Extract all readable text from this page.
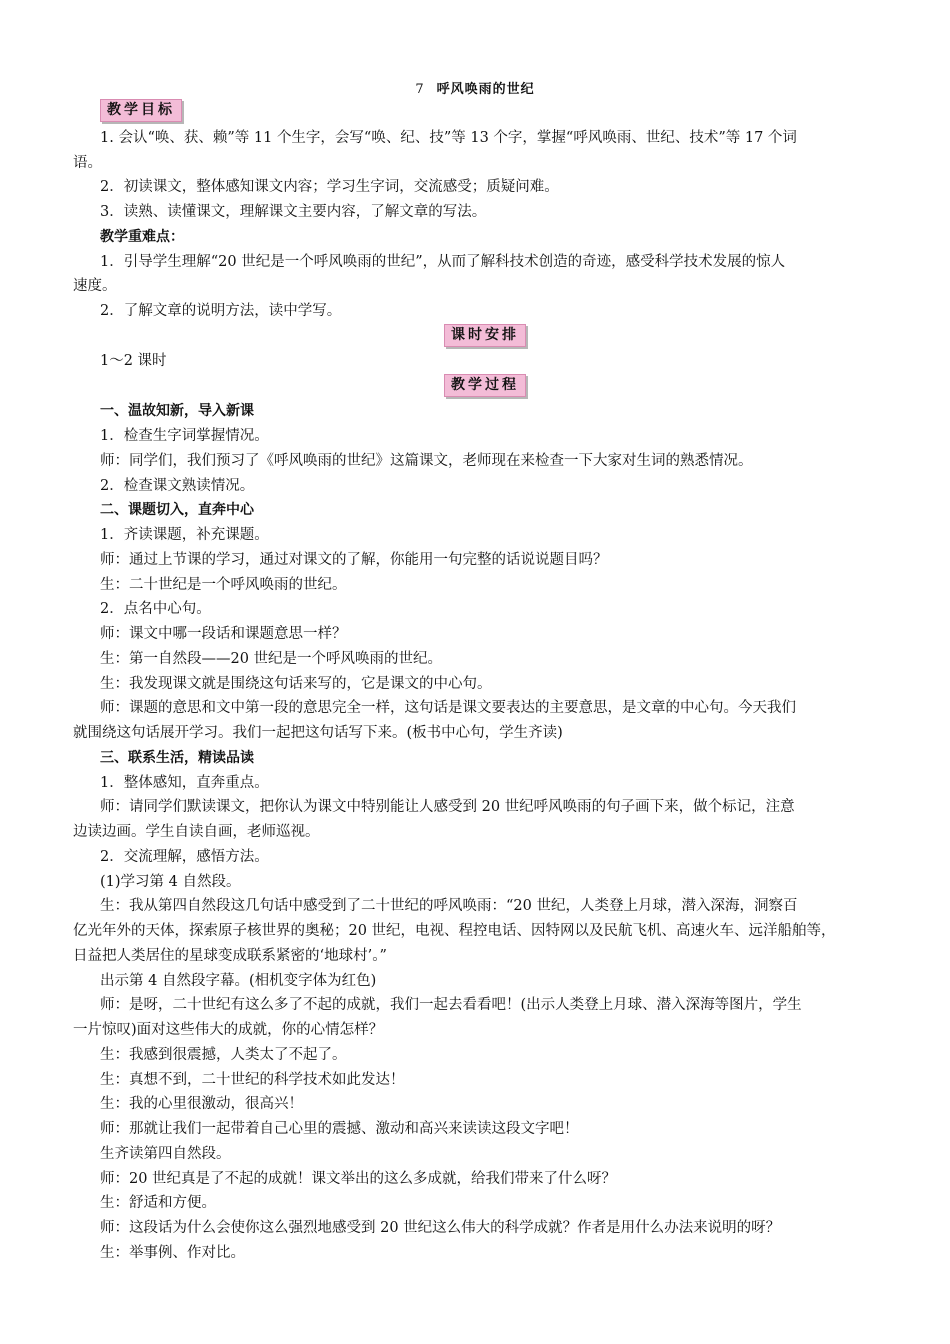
7 呼风唤雨的世纪
教学目标
1. 会认“唤、获、赖”等 11 个生字，会写“唤、纪、技”等 13 个字，掌握“呼风唤雨、世纪、技术”等 17 个词
语。
2．初读课文，整体感知课文内容；学习生字词，交流感受；质疑问难。
3．读熟、读懂课文，理解课文主要内容，了解文章的写法。
教学重难点：
1．引导学生理解“20 世纪是一个呼风唤雨的世纪”，从而了解科技术创造的奇迹，感受科学技术发展的惊人
速度。
2．了解文章的说明方法，读中学写。
课时安排
1～2 课时
教学过程
一、温故知新，导入新课
1．检查生字词掌握情况。
师：同学们，我们预习了《呼风唤雨的世纪》这篇课文，老师现在来检查一下大家对生词的熟悉情况。
2．检查课文熟读情况。
二、课题切入，直奔中心
1．齐读课题，补充课题。
师：通过上节课的学习，通过对课文的了解，你能用一句完整的话说说题目吗？
生：二十世纪是一个呼风唤雨的世纪。
2．点名中心句。
师：课文中哪一段话和课题意思一样？
生：第一自然段——20 世纪是一个呼风唤雨的世纪。
生：我发现课文就是围绕这句话来写的，它是课文的中心句。
师：课题的意思和文中第一段的意思完全一样，这句话是课文要表达的主要意思，是文章的中心句。今天我们
就围绕这句话展开学习。我们一起把这句话写下来。(板书中心句，学生齐读)
三、联系生活，精读品读
1．整体感知，直奔重点。
师：请同学们默读课文，把你认为课文中特别能让人感受到 20 世纪呼风唤雨的句子画下来，做个标记，注意
边读边画。学生自读自画，老师巡视。
2．交流理解，感悟方法。
(1)学习第 4 自然段。
生：我从第四自然段这几句话中感受到了二十世纪的呼风唤雨：“20 世纪，人类登上月球，潜入深海，洞察百
亿光年外的天体，探索原子核世界的奥秘；20 世纪，电视、程控电话、因特网以及民航飞机、高速火车、远洋船舶等，
日益把人类居住的星球变成联系紧密的‘地球村’。”
出示第 4 自然段字幕。(相机变字体为红色)
师：是呀，二十世纪有这么多了不起的成就，我们一起去看看吧！(出示人类登上月球、潜入深海等图片，学生
一片惊叹)面对这些伟大的成就，你的心情怎样？
生：我感到很震撼，人类太了不起了。
生：真想不到，二十世纪的科学技术如此发达！
生：我的心里很激动，很高兴！
师：那就让我们一起带着自己心里的震撼、激动和高兴来读读这段文字吧！
生齐读第四自然段。
师：20 世纪真是了不起的成就！课文举出的这么多成就，给我们带来了什么呀？
生：舒适和方便。
师：这段话为什么会使你这么强烈地感受到 20 世纪这么伟大的科学成就？作者是用什么办法来说明的呀？
生：举事例、作对比。
